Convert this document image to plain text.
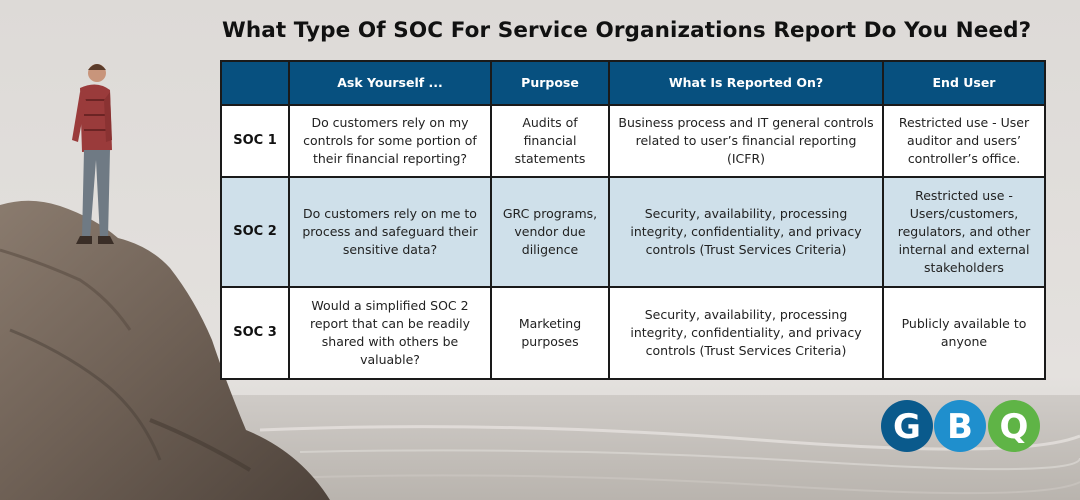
What Type Of SOC For Service Organizations Report Do You Need?
	Ask Yourself ...	Purpose	What Is Reported On?	End User
SOC 1	Do customers rely on my controls for some portion of their financial reporting?	Audits of financial statements	Business process and IT general controls related to user’s financial reporting (ICFR)	Restricted use - User auditor and users’ controller’s office.
SOC 2	Do customers rely on me to process and safeguard their sensitive data?	GRC programs, vendor due diligence	Security, availability, processing integrity, confidentiality, and privacy controls (Trust Services Criteria)	Restricted use - Users/customers, regulators, and other internal and external stakeholders
SOC 3	Would a simplified SOC 2 report that can be readily shared with others be valuable?	Marketing purposes	Security, availability, processing integrity, confidentiality, and privacy controls (Trust Services Criteria)	Publicly available to anyone
G B Q
